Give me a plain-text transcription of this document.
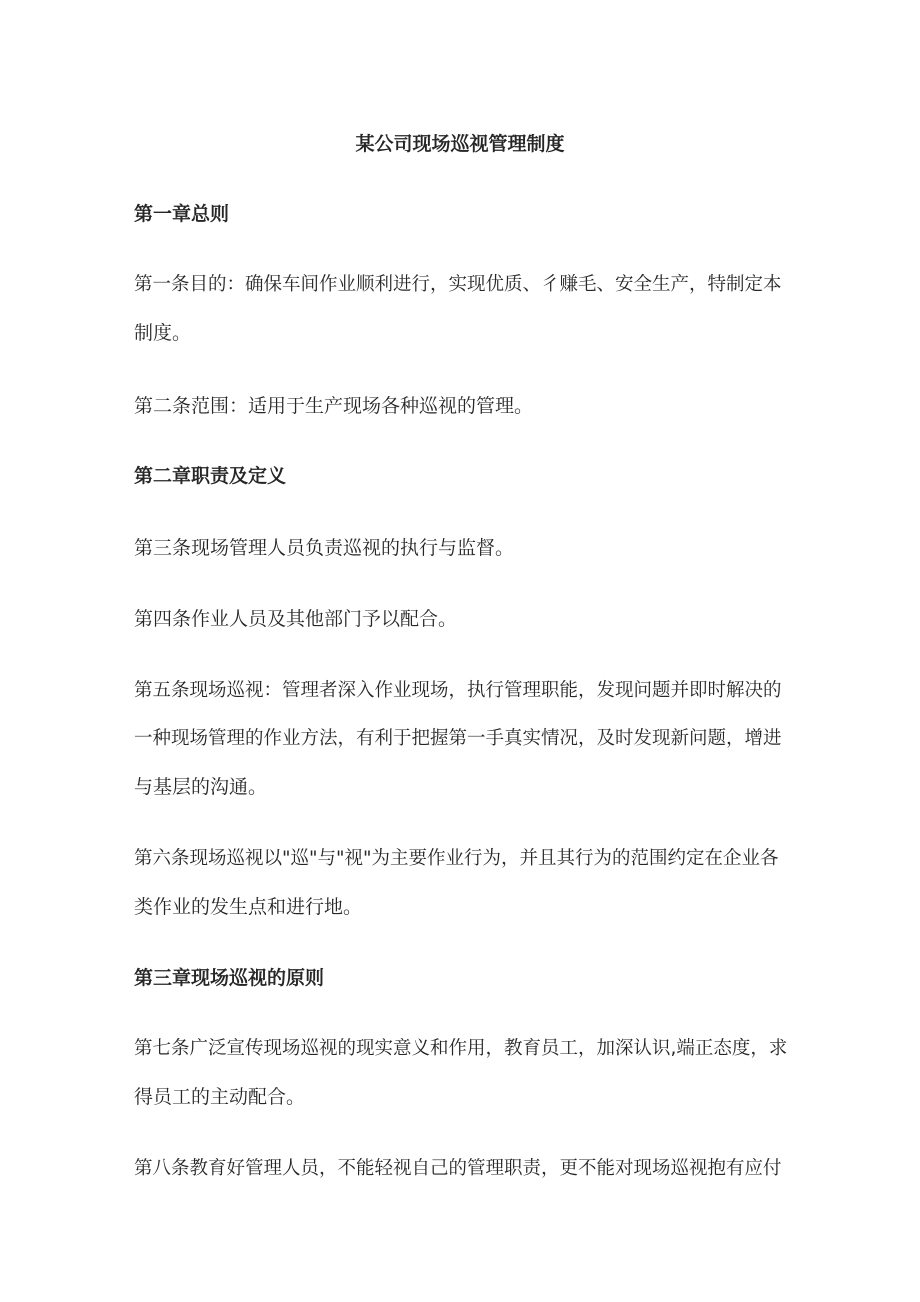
某公司现场巡视管理制度

第一章总则

第一条目的：确保车间作业顺利进行，实现优质、彳赚毛、安全生产，特制定本

制度。

第二条范围：适用于生产现场各种巡视的管理。

第二章职责及定义

第三条现场管理人员负责巡视的执行与监督。

第四条作业人员及其他部门予以配合。

第五条现场巡视：管理者深入作业现场，执行管理职能，发现问题并即时解决的

一种现场管理的作业方法，有利于把握第一手真实情况，及时发现新问题，增进

与基层的沟通。

第六条现场巡视以"巡"与"视"为主要作业行为，并且其行为的范围约定在企业各

类作业的发生点和进行地。

第三章现场巡视的原则

第七条广泛宣传现场巡视的现实意义和作用，教育员工，加深认识,端正态度，求

得员工的主动配合。

第八条教育好管理人员，不能轻视自己的管理职责，更不能对现场巡视抱有应付
